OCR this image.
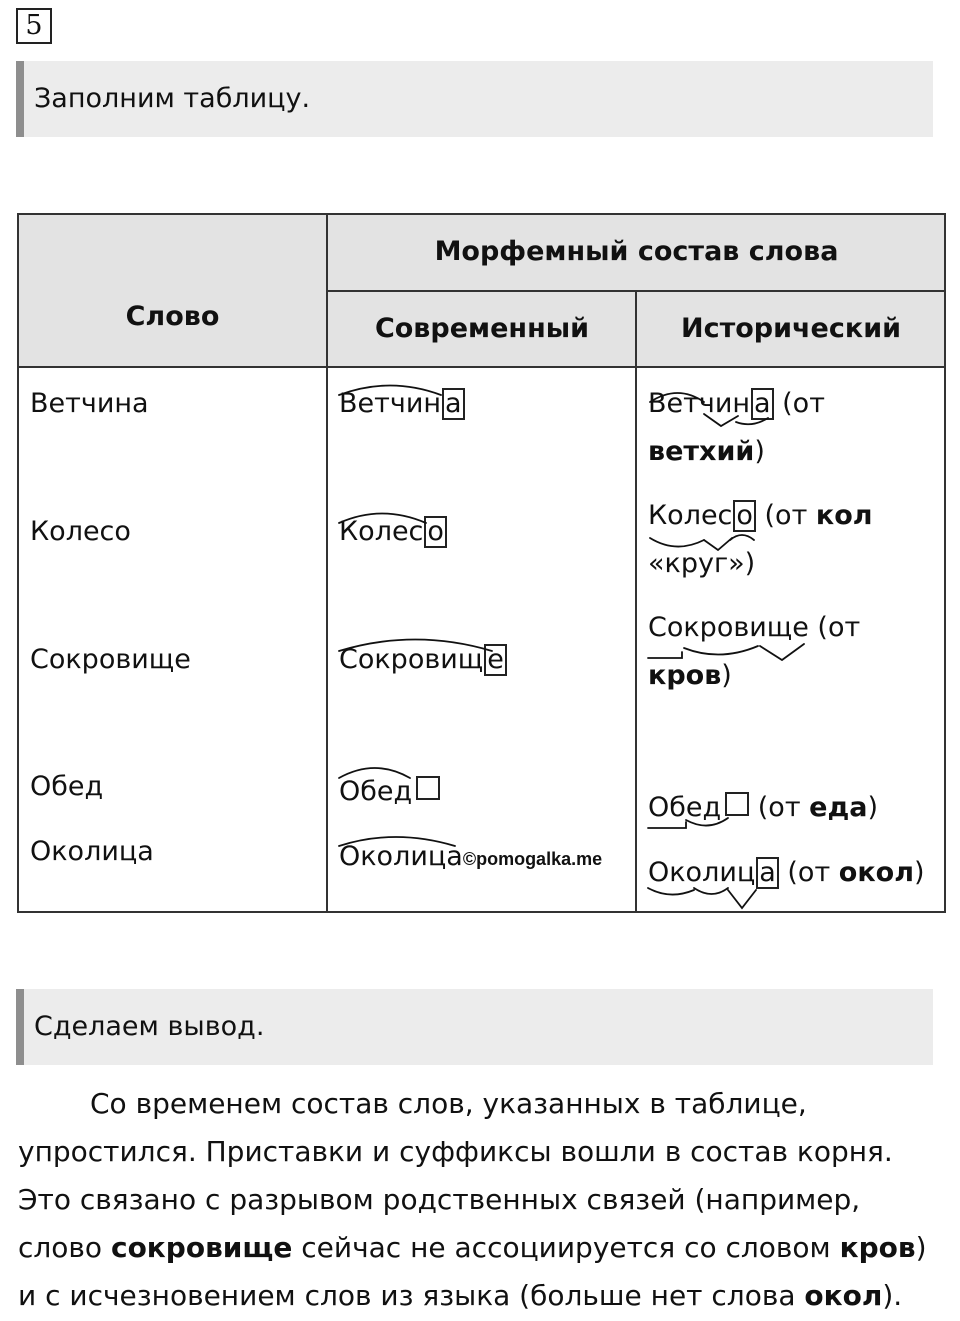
5
Заполним таблицу.
Слово
Морфемный состав слова
Современный	Исторический
Ветчина
Колесо
Сокровище
Обед
Околица
Ветчин а
Колес о
Сокровищ е
Обед
Околица©pomogalka.me
Ветчин а (от
ветхий)
Колес о (от кол
«круг»)
Сокровище (от
кров)
Обед (от еда)
Околиц а (от окол)
Сделаем вывод.
Со временем состав слов, указанных в таблице,
упростился. Приставки и суффиксы вошли в состав корня.
Это связано с разрывом родственных связей (например,
слово сокровище сейчас не ассоциируется со словом кров)
и с исчезновением слов из языка (больше нет слова окол).
